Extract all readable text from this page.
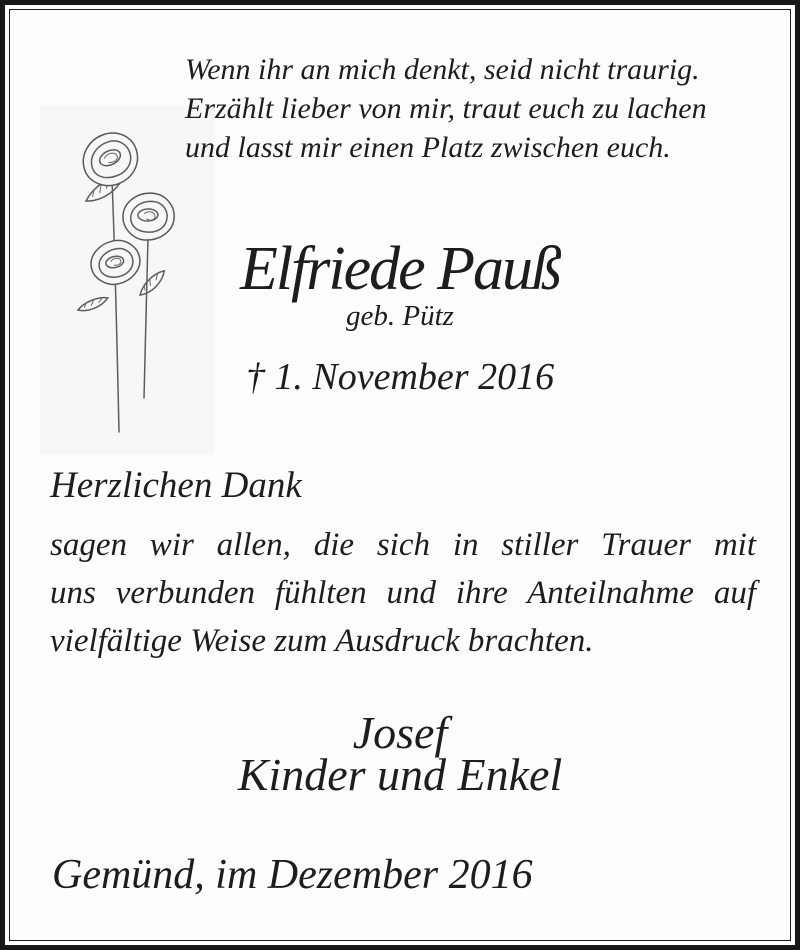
Wenn ihr an mich denkt, seid nicht traurig.
Erzählt lieber von mir, traut euch zu lachen
und lasst mir einen Platz zwischen euch.
Elfriede Pauß
geb. Pütz
† 1. November 2016
Herzlichen Dank
sagen wir allen, die sich in stiller Trauer mit
uns verbunden fühlten und ihre Anteilnahme auf
vielfältige Weise zum Ausdruck brachten.
Josef
Kinder und Enkel
Gemünd, im Dezember 2016
